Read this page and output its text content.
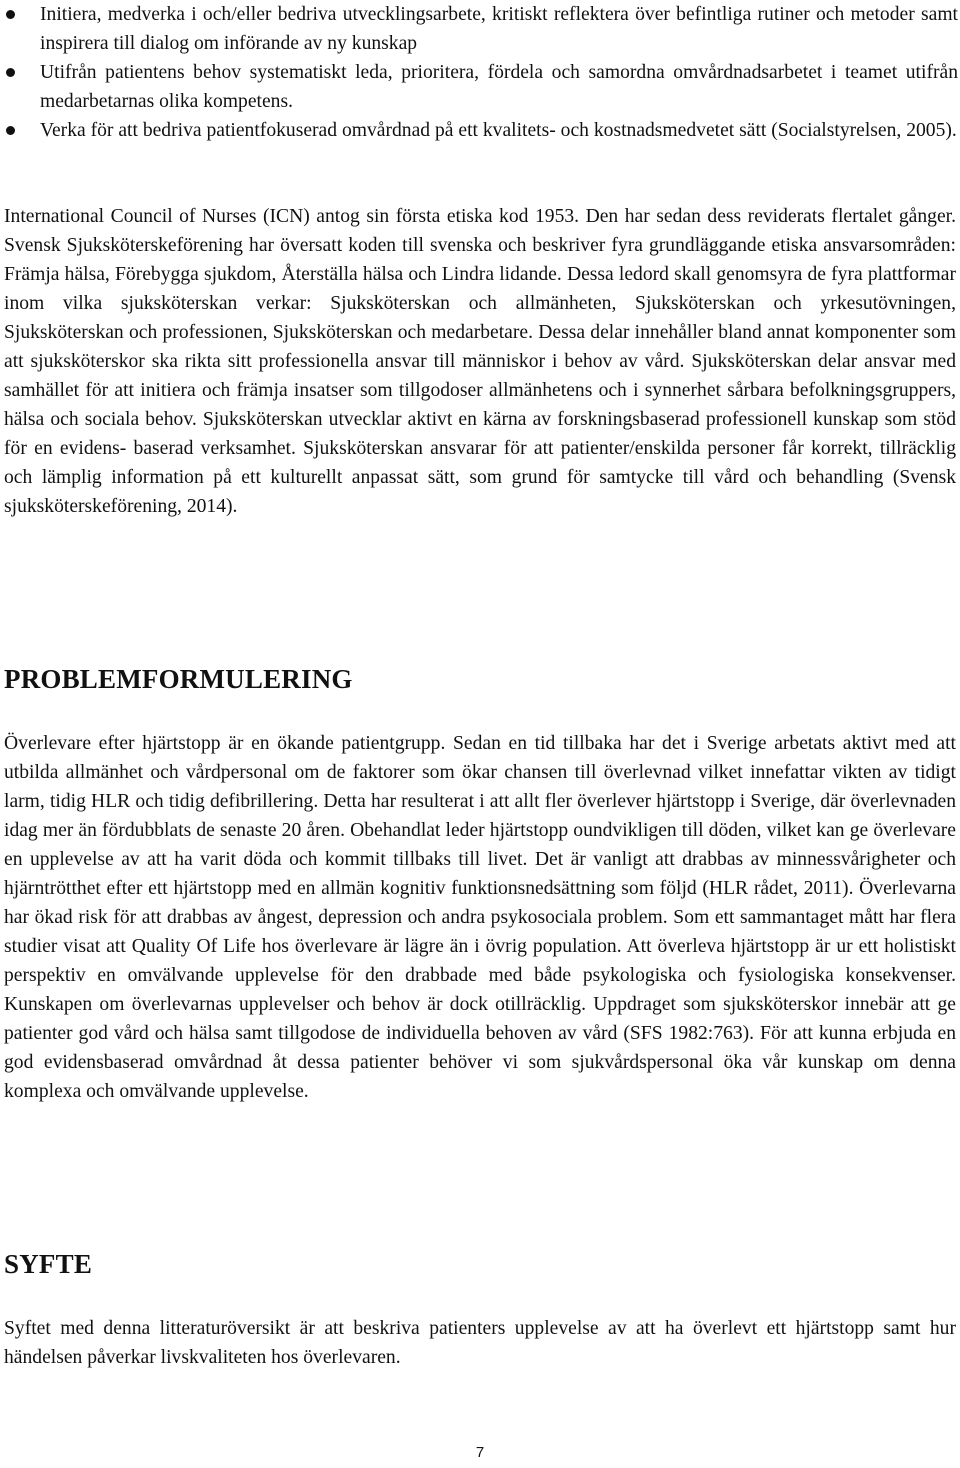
Initiera, medverka i och/eller bedriva utvecklingsarbete, kritiskt reflektera över befintliga rutiner och metoder samt inspirera till dialog om införande av ny kunskap
Utifrån patientens behov systematiskt leda, prioritera, fördela och samordna omvårdnadsarbetet i teamet utifrån medarbetarnas olika kompetens.
Verka för att bedriva patientfokuserad omvårdnad på ett kvalitets- och kostnadsmedvetet sätt (Socialstyrelsen, 2005).

International Council of Nurses (ICN) antog sin första etiska kod 1953. Den har sedan dess reviderats flertalet gånger. Svensk Sjuksköterskeförening har översatt koden till svenska och beskriver fyra grundläggande etiska ansvarsområden: Främja hälsa, Förebygga sjukdom, Återställa hälsa och Lindra lidande. Dessa ledord skall genomsyra de fyra plattformar inom vilka sjuksköterskan verkar: Sjuksköterskan och allmänheten, Sjuksköterskan och yrkesutövningen, Sjuksköterskan och professionen, Sjuksköterskan och medarbetare. Dessa delar innehåller bland annat komponenter som att sjuksköterskor ska rikta sitt professionella ansvar till människor i behov av vård. Sjuksköterskan delar ansvar med samhället för att initiera och främja insatser som tillgodoser allmänhetens och i synnerhet sårbara befolkningsgruppers, hälsa och sociala behov. Sjuksköterskan utvecklar aktivt en kärna av forskningsbaserad professionell kunskap som stöd för en evidens- baserad verksamhet. Sjuksköterskan ansvarar för att patienter/enskilda personer får korrekt, tillräcklig och lämplig information på ett kulturellt anpassat sätt, som grund för samtycke till vård och behandling (Svensk sjuksköterskeförening, 2014).

PROBLEMFORMULERING

Överlevare efter hjärtstopp är en ökande patientgrupp. Sedan en tid tillbaka har det i Sverige arbetats aktivt med att utbilda allmänhet och vårdpersonal om de faktorer som ökar chansen till överlevnad vilket innefattar vikten av tidigt larm, tidig HLR och tidig defibrillering. Detta har resulterat i att allt fler överlever hjärtstopp i Sverige, där överlevnaden idag mer än fördubblats de senaste 20 åren. Obehandlat leder hjärtstopp oundvikligen till döden, vilket kan ge överlevare en upplevelse av att ha varit döda och kommit tillbaks till livet. Det är vanligt att drabbas av minnessvårigheter och hjärntrötthet efter ett hjärtstopp med en allmän kognitiv funktionsnedsättning som följd (HLR rådet, 2011). Överlevarna har ökad risk för att drabbas av ångest, depression och andra psykosociala problem. Som ett sammantaget mått har flera studier visat att Quality Of Life hos överlevare är lägre än i övrig population. Att överleva hjärtstopp är ur ett holistiskt perspektiv en omvälvande upplevelse för den drabbade med både psykologiska och fysiologiska konsekvenser. Kunskapen om överlevarnas upplevelser och behov är dock otillräcklig. Uppdraget som sjuksköterskor innebär att ge patienter god vård och hälsa samt tillgodose de individuella behoven av vård (SFS 1982:763). För att kunna erbjuda en god evidensbaserad omvårdnad åt dessa patienter behöver vi som sjukvårdspersonal öka vår kunskap om denna komplexa och omvälvande upplevelse.

SYFTE

Syftet med denna litteraturöversikt är att beskriva patienters upplevelse av att ha överlevt ett hjärtstopp samt hur händelsen påverkar livskvaliteten hos överlevaren.

7
